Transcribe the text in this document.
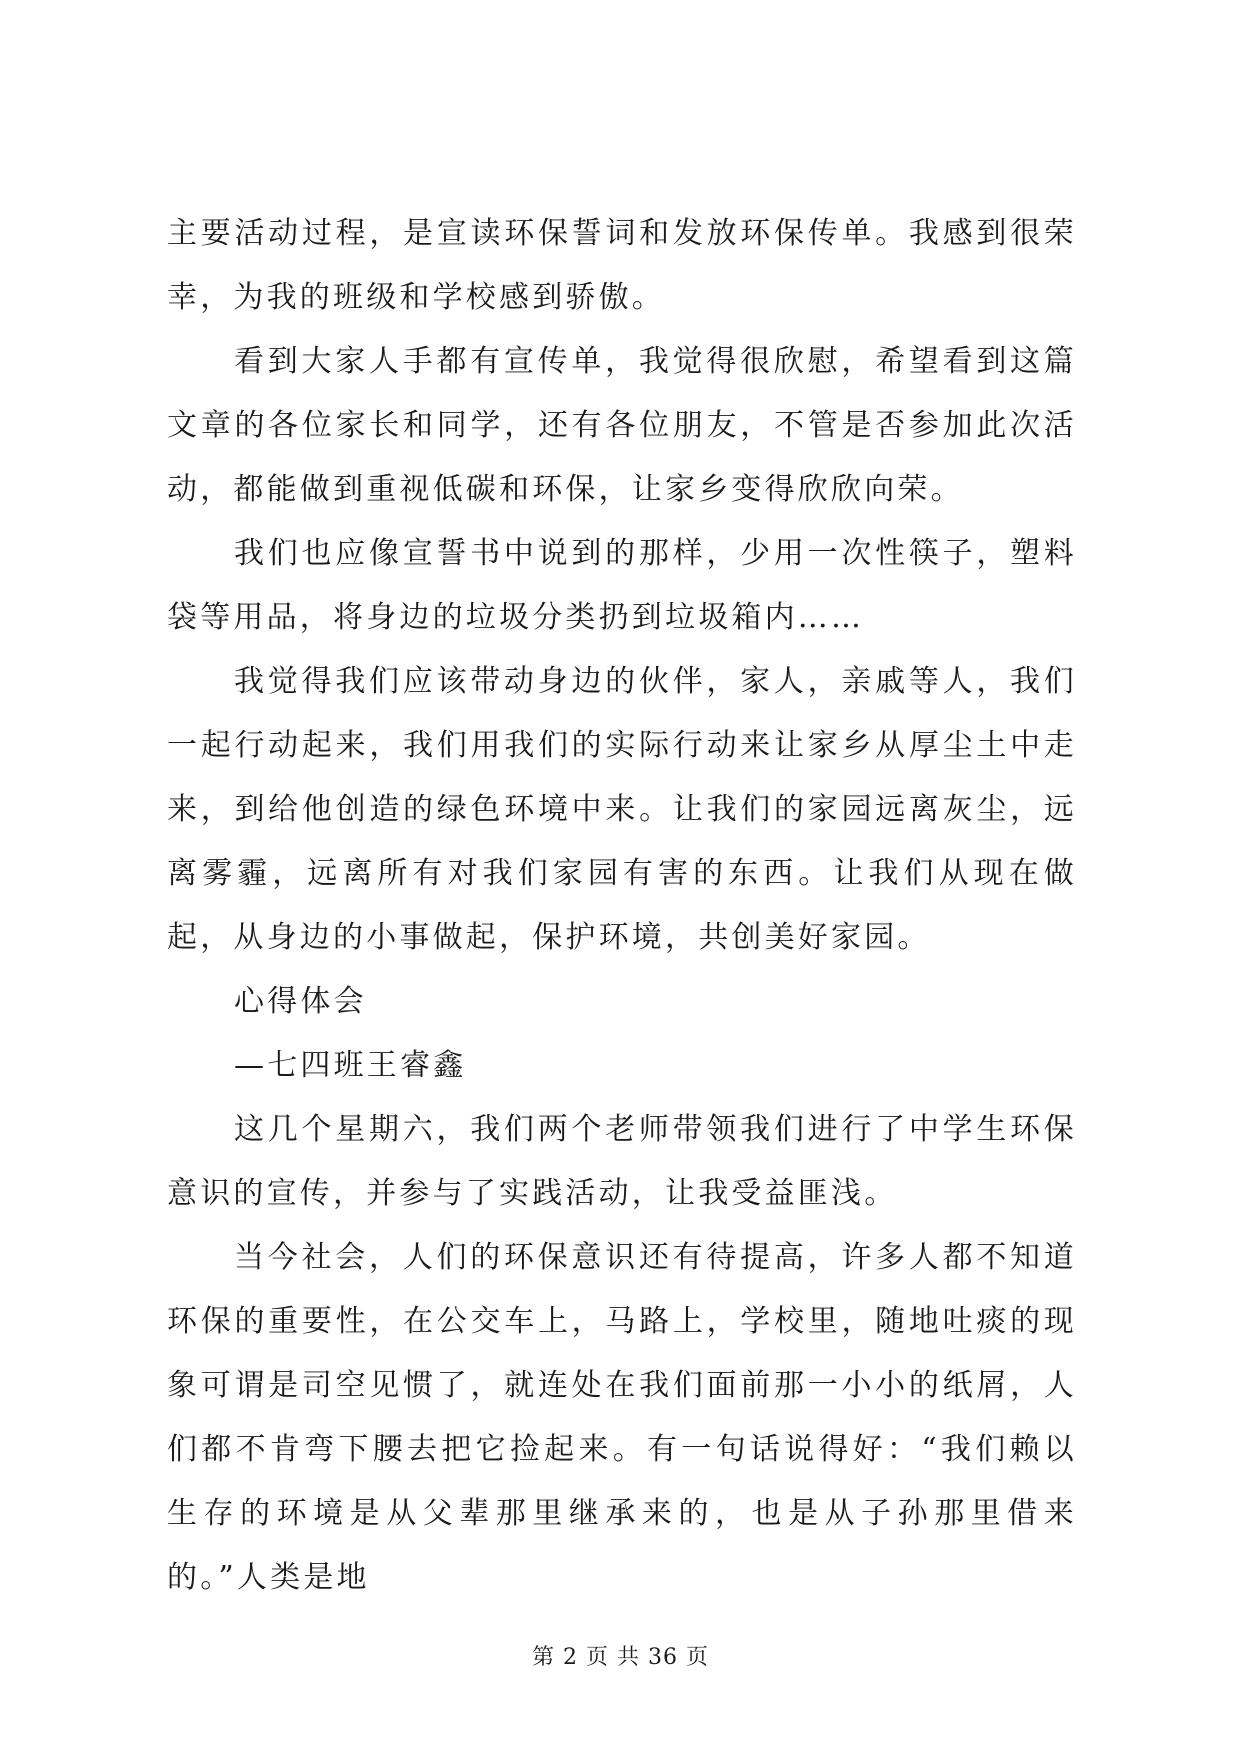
主要活动过程，是宣读环保誓词和发放环保传单。我感到很荣幸，为我的班级和学校感到骄傲。

看到大家人手都有宣传单，我觉得很欣慰，希望看到这篇文章的各位家长和同学，还有各位朋友，不管是否参加此次活动，都能做到重视低碳和环保，让家乡变得欣欣向荣。

我们也应像宣誓书中说到的那样，少用一次性筷子，塑料袋等用品，将身边的垃圾分类扔到垃圾箱内……

我觉得我们应该带动身边的伙伴，家人，亲戚等人，我们一起行动起来，我们用我们的实际行动来让家乡从厚尘土中走来，到给他创造的绿色环境中来。让我们的家园远离灰尘，远离雾霾，远离所有对我们家园有害的东西。让我们从现在做起，从身边的小事做起，保护环境，共创美好家园。

心得体会

—七四班王睿鑫

这几个星期六，我们两个老师带领我们进行了中学生环保意识的宣传，并参与了实践活动，让我受益匪浅。

当今社会，人们的环保意识还有待提高，许多人都不知道环保的重要性，在公交车上，马路上，学校里，随地吐痰的现象可谓是司空见惯了，就连处在我们面前那一小小的纸屑，人们都不肯弯下腰去把它捡起来。有一句话说得好：“我们赖以生存的环境是从父辈那里继承来的，也是从子孙那里借来的。”人类是地

第 2 页 共 36 页
